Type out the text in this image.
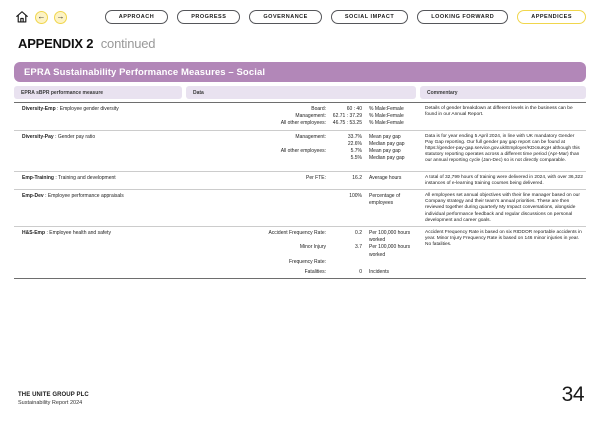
← →	APPROACH	PROGRESS	GOVERNANCE	SOCIAL IMPACT	LOOKING FORWARD	APPENDICES
APPENDIX 2 continued
EPRA Sustainability Performance Measures – Social
EPRA sBPR performance measure	Data	Commentary
Diversity-Emp : Employee gender diversity	Board:	60 : 40	% Male:Female
Management:	62.71 : 37.29	% Male:Female
All other employees:	46.75 : 53.25	% Male:Female
Details of gender breakdown at different levels in the business can be found in our Annual Report.
Diversity-Pay : Gender pay ratio	Management:	33.7%	Mean pay gap
22.6%	Median pay gap
All other employees:	5.7%	Mean pay gap
5.5%	Median pay gap
Data is for year ending 5 April 2024, in line with UK mandatory Gender Pay Gap reporting. Our full gender pay gap report can be found at https://gender-pay-gap.service.gov.uk/Employer/KDcsuKgH although this statutory reporting operates across a different time period (Apr-Mar) than our annual reporting cycle (Jan-Dec) so is not directly comparable.
Emp-Training : Training and development	Per FTE:	16.2	Average hours	A total of 32,799 hours of training were delivered in 2024, with over 36,322 instances of e-learning training courses being delivered.
Emp-Dev : Employee performance appraisals	100%	Percentage of employees
All employees set annual objectives with their line manager based on our Company strategy and their team's annual priorities. These are then reviewed together during quarterly My Impact conversations, alongside individual performance feedback and regular discussions on personal development and career goals.
H&S-Emp : Employee health and safety	Accident Frequency Rate:	0.2	Per 100,000 hours worked
Minor Injury	3.7	Per 100,000 hours worked
Frequency Rate:
Fatalities:	0	Incidents
Accident Frequency Rate is based on six RIDDOR reportable accidents in year. Minor Injury Frequency Rate is based on 146 minor injuries in year. No fatalities.
THE UNITE GROUP PLC
Sustainability Report 2024	34
